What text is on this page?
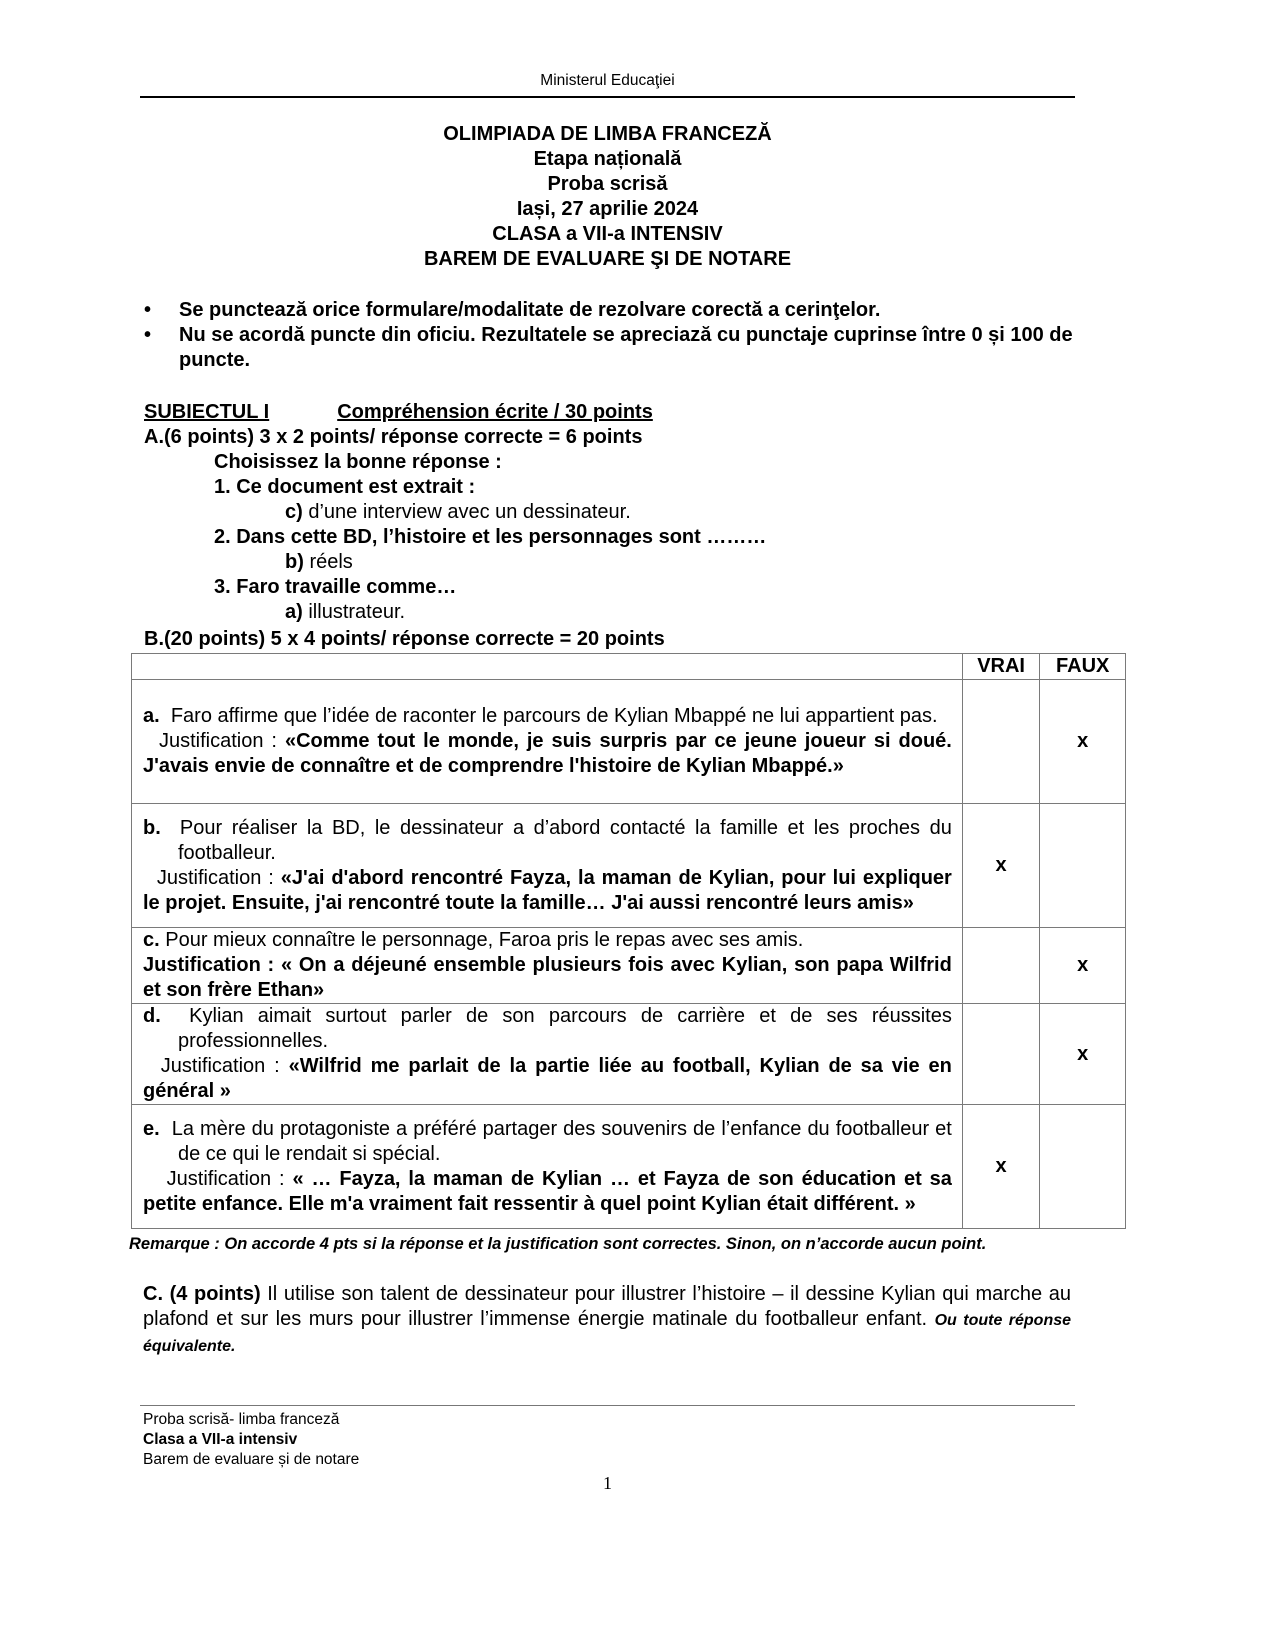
Ministerul Educaţiei
OLIMPIADA DE LIMBA FRANCEZĂ
Etapa națională
Proba scrisă
Iași, 27 aprilie 2024
CLASA a VII-a INTENSIV
BAREM DE EVALUARE ŞI DE NOTARE
• Se punctează orice formulare/modalitate de rezolvare corectă a cerinţelor.
• Nu se acordă puncte din oficiu. Rezultatele se apreciază cu punctaje cuprinse între 0 și 100 de puncte.
SUBIECTUL I	Compréhension écrite / 30 points
A.(6 points) 3 x 2 points/ réponse correcte = 6 points
Choisissez la bonne réponse :
1. Ce document est extrait :
c) d’une interview avec un dessinateur.
2. Dans cette BD, l’histoire et les personnages sont ………
b) réels
3. Faro travaille comme…
a) illustrateur.
B.(20 points) 5 x 4 points/ réponse correcte = 20 points
	VRAI	FAUX

a. Faro affirme que l’idée de raconter le parcours de Kylian Mbappé ne lui appartient pas.
Justification : «Comme tout le monde, je suis surpris par ce jeune joueur si doué. J'avais envie de connaître et de comprendre l'histoire de Kylian Mbappé.»		x

b. Pour réaliser la BD, le dessinateur a d’abord contacté la famille et les proches du footballeur.
Justification : «J'ai d'abord rencontré Fayza, la maman de Kylian, pour lui expliquer le projet. Ensuite, j'ai rencontré toute la famille… J'ai aussi rencontré leurs amis»	x	

c. Pour mieux connaître le personnage, Faroa pris le repas avec ses amis.
Justification : « On a déjeuné ensemble plusieurs fois avec Kylian, son papa Wilfrid et son frère Ethan»		x

d. Kylian aimait surtout parler de son parcours de carrière et de ses réussites professionnelles.
Justification : «Wilfrid me parlait de la partie liée au football, Kylian de sa vie en général »		x

e. La mère du protagoniste a préféré partager des souvenirs de l’enfance du footballeur et de ce qui le rendait si spécial.
Justification : « … Fayza, la maman de Kylian … et Fayza de son éducation et sa petite enfance. Elle m'a vraiment fait ressentir à quel point Kylian était différent. »	x	
Remarque : On accorde 4 pts si la réponse et la justification sont correctes. Sinon, on n’accorde aucun point.
C. (4 points) Il utilise son talent de dessinateur pour illustrer l’histoire – il dessine Kylian qui marche au plafond et sur les murs pour illustrer l’immense énergie matinale du footballeur enfant. Ou toute réponse équivalente.
Proba scrisă- limba franceză
Clasa a VII-a intensiv
Barem de evaluare și de notare
1
